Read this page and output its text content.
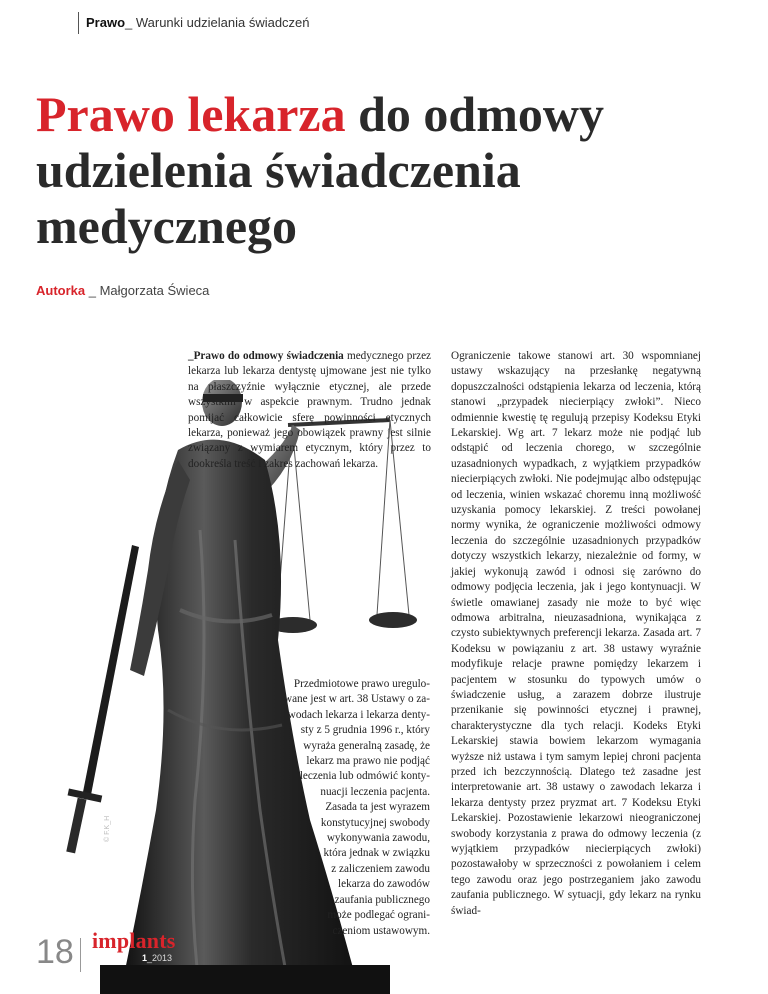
Prawo_ Warunki udzielania świadczeń
Prawo lekarza do odmowy
udzielenia świadczenia
medycznego
Autorka _ Małgorzata Świeca
_Prawo do odmowy świadczenia medycznego przez lekarza lub lekarza dentystę ujmowane jest nie tylko na płaszczyźnie wyłącznie etycznej, ale przede wszystkim w aspekcie prawnym. Trudno jednak pomijać całkowicie sferę powinności etycznych lekarza, ponieważ jego obowiązek prawny jest silnie związany z wymiarem etycznym, który przez to dookreśla treść i zakres zachowań lekarza.
Przedmiotowe prawo uregulo-
wane jest w art. 38 Ustawy o za-
wodach lekarza i lekarza denty-
sty z 5 grudnia 1996 r., który
wyraża generalną zasadę, że
lekarz ma prawo nie podjąć
leczenia lub odmówić konty-
nuacji leczenia pacjenta.
Zasada ta jest wyrazem
konstytucyjnej swobody
wykonywania zawodu,
która jednak w związku
z zaliczeniem zawodu
lekarza do zawodów
zaufania publicznego
może podlegać ograni-
czeniom ustawowym.
Ograniczenie takowe stanowi art. 30 wspomnianej ustawy wskazujący na przesłankę negatywną dopuszczalności odstąpienia lekarza od leczenia, którą stanowi „przypadek niecierpiący zwłoki”. Nieco odmiennie kwestię tę regulują przepisy Kodeksu Etyki Lekarskiej. Wg art. 7 lekarz może nie podjąć lub odstąpić od leczenia chorego, w szczególnie uzasadnionych wypadkach, z wyjątkiem przypadków niecierpiących zwłoki. Nie podejmując albo odstępując od leczenia, winien wskazać choremu inną możliwość uzyskania pomocy lekarskiej. Z treści powołanej normy wynika, że ograniczenie możliwości odmowy leczenia do szczególnie uzasadnionych przypadków dotyczy wszystkich lekarzy, niezależnie od formy, w jakiej wykonują zawód i odnosi się zarówno do odmowy podjęcia leczenia, jak i jego kontynuacji. W świetle omawianej zasady nie może to być więc odmowa arbitralna, nieuzasadniona, wynikająca z czysto subiektywnych preferencji lekarza. Zasada art. 7 Kodeksu w powiązaniu z art. 38 ustawy wyraźnie modyfikuje relacje prawne pomiędzy lekarzem i pacjentem w stosunku do typowych umów o świadczenie usług, a zarazem dobrze ilustruje przenikanie się powinności etycznej i prawnej, charakterystyczne dla tych relacji. Kodeks Etyki Lekarskiej stawia bowiem lekarzom wymagania wyższe niż ustawa i tym samym lepiej chroni pacjenta przed ich bezczynnością. Dlatego też zasadne jest interpretowanie art. 38 ustawy o zawodach lekarza i lekarza dentysty przez pryzmat art. 7 Kodeksu Etyki Lekarskiej. Pozostawienie lekarzowi nieograniczonej swobody korzystania z prawa do odmowy leczenia (z wyjątkiem przypadków niecierpiących zwłoki) pozostawałoby w sprzeczności z powołaniem i celem tego zawodu oraz jego postrzeganiem jako zawodu zaufania publicznego. W sytuacji, gdy lekarz na rynku świad-
© F.K_H
18 implants
1_2013
